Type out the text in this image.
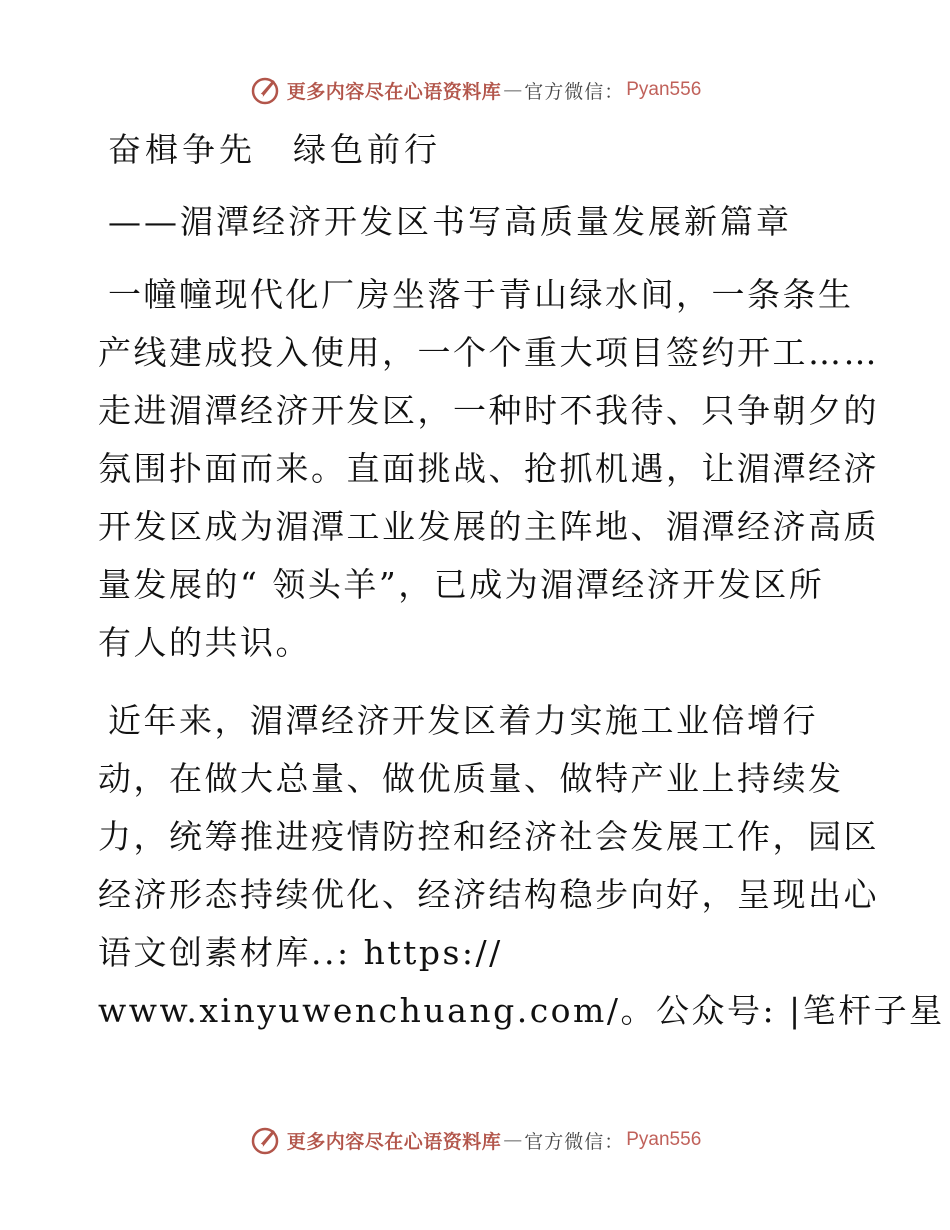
更多内容尽在心语资料库 — 官方微信： Pyan556
奋楫争先　绿色前行
——湄潭经济开发区书写高质量发展新篇章
一幢幢现代化厂房坐落于青山绿水间，一条条生
产线建成投入使用，一个个重大项目签约开工……
走进湄潭经济开发区，一种时不我待、只争朝夕的
氛围扑面而来。直面挑战、抢抓机遇，让湄潭经济
开发区成为湄潭工业发展的主阵地、湄潭经济高质
量发展的“ 领头羊”，已成为湄潭经济开发区所
有人的共识。
近年来，湄潭经济开发区着力实施工业倍增行
动，在做大总量、做优质量、做特产业上持续发
力，统筹推进疫情防控和经济社会发展工作，园区
经济形态持续优化、经济结构稳步向好，呈现出心
语文创素材库..: https://
www.xinyuwenchuang.com/。公众号: |笔杆子星
更多内容尽在心语资料库 — 官方微信： Pyan556
